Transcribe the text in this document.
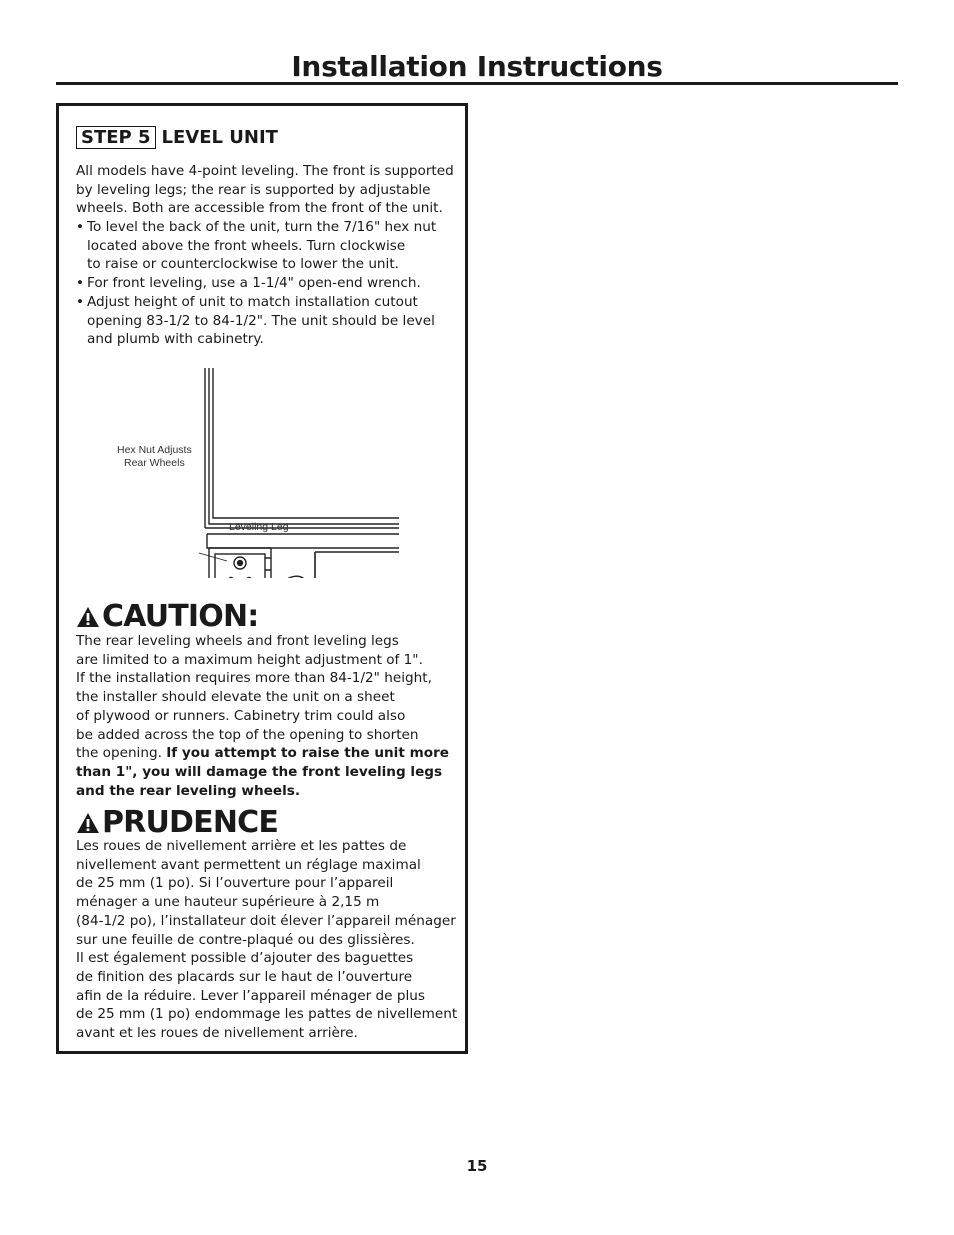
Installation Instructions
STEP 5 LEVEL UNIT

All models have 4-point leveling. The front is supported
by leveling legs; the rear is supported by adjustable
wheels. Both are accessible from the front of the unit.

• To level the back of the unit, turn the 7/16" hex nut
located above the front wheels. Turn clockwise
to raise or counterclockwise to lower the unit.
• For front leveling, use a 1-1/4" open-end wrench.
• Adjust height of unit to match installation cutout
opening 83-1/2 to 84-1/2". The unit should be level
and plumb with cabinetry.
Hex Nut Adjusts
Rear Wheels
Leveling Leg
CAUTION:

The rear leveling wheels and front leveling legs
are limited to a maximum height adjustment of 1".
If the installation requires more than 84-1/2" height,
the installer should elevate the unit on a sheet
of plywood or runners. Cabinetry trim could also
be added across the top of the opening to shorten
the opening. If you attempt to raise the unit more
than 1", you will damage the front leveling legs
and the rear leveling wheels.

PRUDENCE

Les roues de nivellement arrière et les pattes de
nivellement avant permettent un réglage maximal
de 25 mm (1 po). Si l’ouverture pour l’appareil
ménager a une hauteur supérieure à 2,15 m
(84-1/2 po), l’installateur doit élever l’appareil ménager
sur une feuille de contre-plaqué ou des glissières.
Il est également possible d’ajouter des baguettes
de finition des placards sur le haut de l’ouverture
afin de la réduire. Lever l’appareil ménager de plus
de 25 mm (1 po) endommage les pattes de nivellement
avant et les roues de nivellement arrière.

15
